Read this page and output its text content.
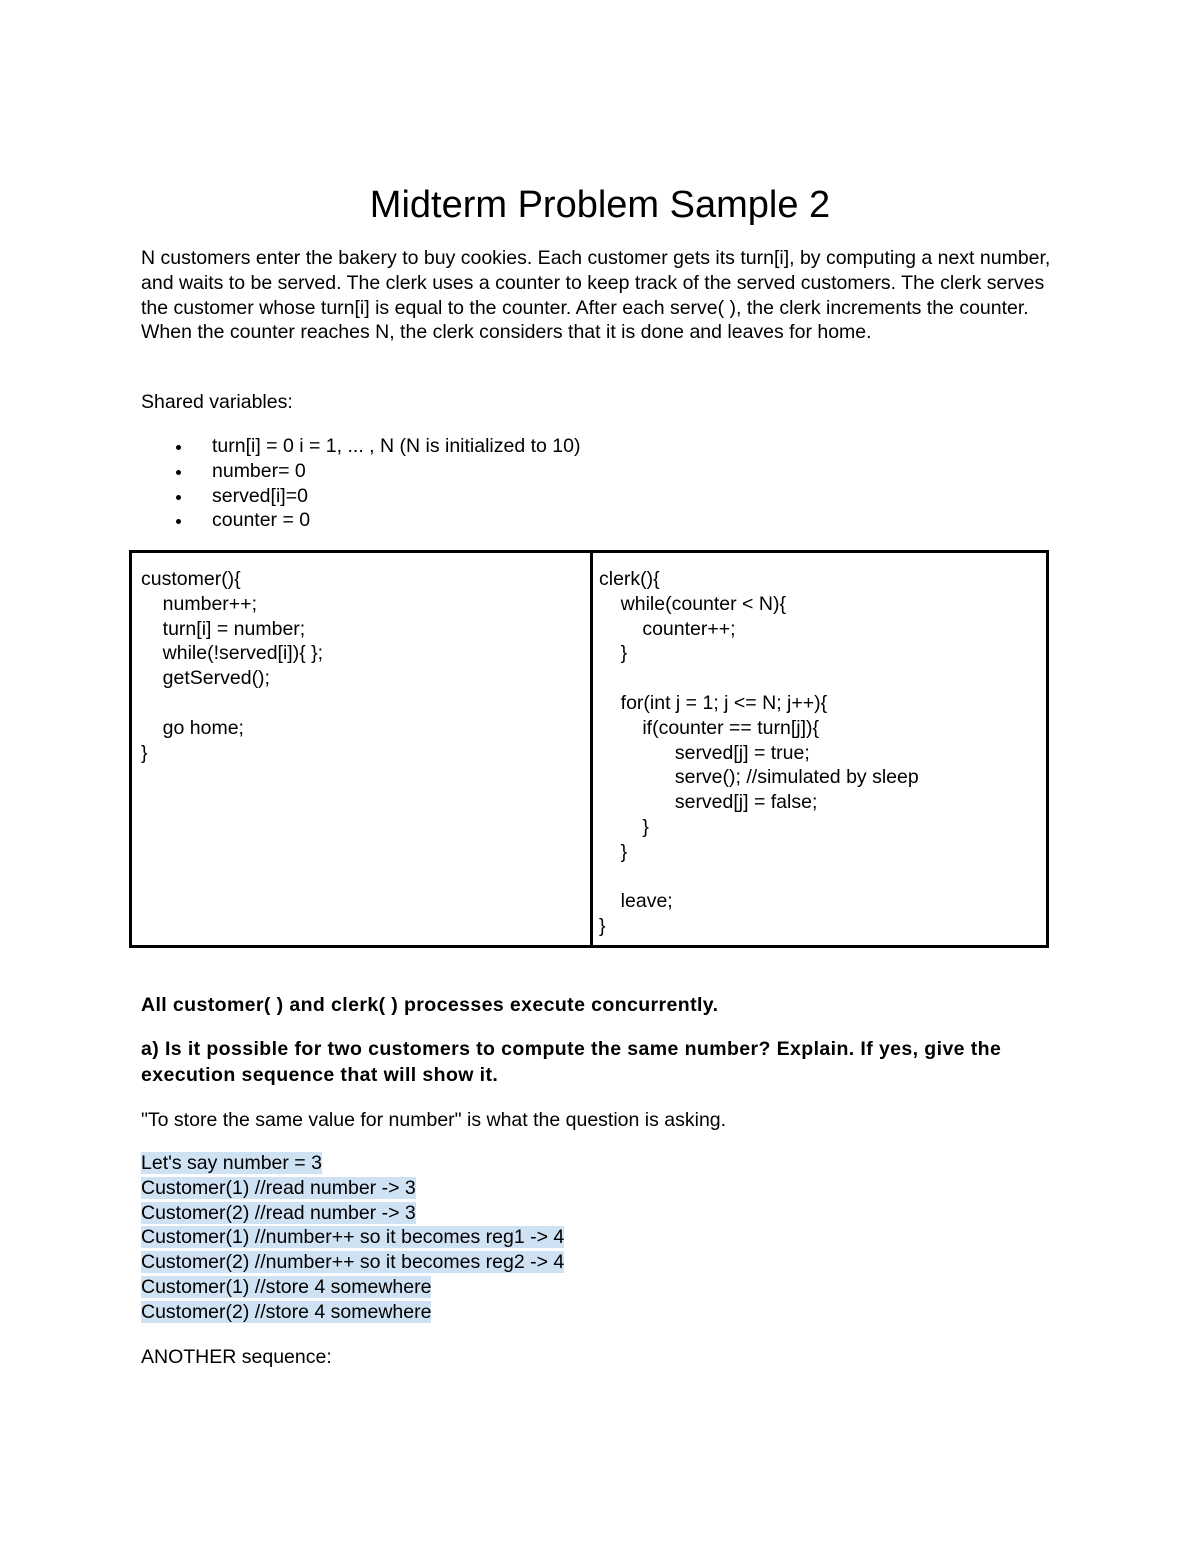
Midterm Problem Sample 2
N customers enter the bakery to buy cookies. Each customer gets its turn[i], by computing a next number, and waits to be served. The clerk uses a counter to keep track of the served customers. The clerk serves the customer whose turn[i] is equal to the counter. After each serve( ), the clerk increments the counter. When the counter reaches N, the clerk considers that it is done and leaves for home.
Shared variables:
turn[i] = 0 i = 1, ... , N (N is initialized to 10)
number= 0
served[i]=0
counter = 0
customer(){
number++;
turn[i] = number;
while(!served[i]){ };
getServed();

go home;
}
clerk(){
while(counter < N){
counter++;
}

for(int j = 1; j <= N; j++){
if(counter == turn[j]){
served[j] = true;
serve(); //simulated by sleep
served[j] = false;
}
}

leave;
}
All customer( ) and clerk( ) processes execute concurrently.
a) Is it possible for two customers to compute the same number? Explain. If yes, give the execution sequence that will show it.
"To store the same value for number" is what the question is asking.
Let's say number = 3
Customer(1) //read number -> 3
Customer(2) //read number -> 3
Customer(1) //number++ so it becomes reg1 -> 4
Customer(2) //number++ so it becomes reg2 -> 4
Customer(1) //store 4 somewhere
Customer(2) //store 4 somewhere
ANOTHER sequence:
